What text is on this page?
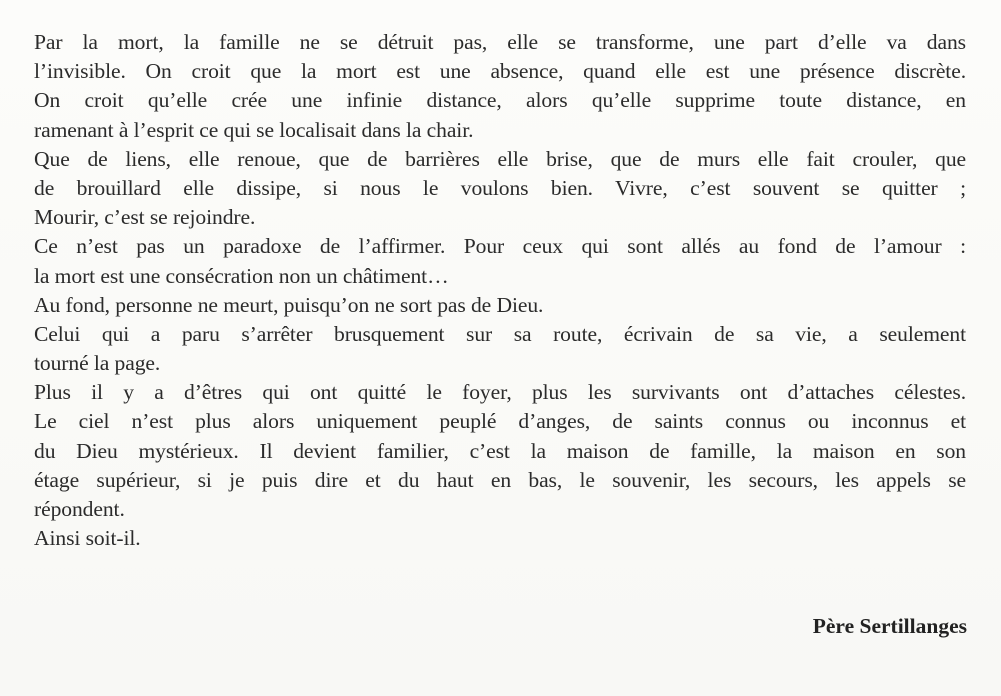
Par la mort, la famille ne se détruit pas, elle se transforme, une part d’elle va dans
l’invisible. On croit que la mort est une absence, quand elle est une présence discrète.
On croit qu’elle crée une infinie distance, alors qu’elle supprime toute distance, en
ramenant à l’esprit ce qui se localisait dans la chair.
Que de liens, elle renoue, que de barrières elle brise, que de murs elle fait crouler, que
de brouillard elle dissipe, si nous le voulons bien. Vivre, c’est souvent se quitter ;
Mourir, c’est se rejoindre.
Ce n’est pas un paradoxe de l’affirmer. Pour ceux qui sont allés au fond de l’amour :
la mort est une consécration non un châtiment…
Au fond, personne ne meurt, puisqu’on ne sort pas de Dieu.
Celui qui a paru s’arrêter brusquement sur sa route, écrivain de sa vie, a seulement
tourné la page.
Plus il y a d’êtres qui ont quitté le foyer, plus les survivants ont d’attaches célestes.
Le ciel n’est plus alors uniquement peuplé d’anges, de saints connus ou inconnus et
du Dieu mystérieux. Il devient familier, c’est la maison de famille, la maison en son
étage supérieur, si je puis dire et du haut en bas, le souvenir, les secours, les appels se
répondent.
Ainsi soit-il.
Père Sertillanges
